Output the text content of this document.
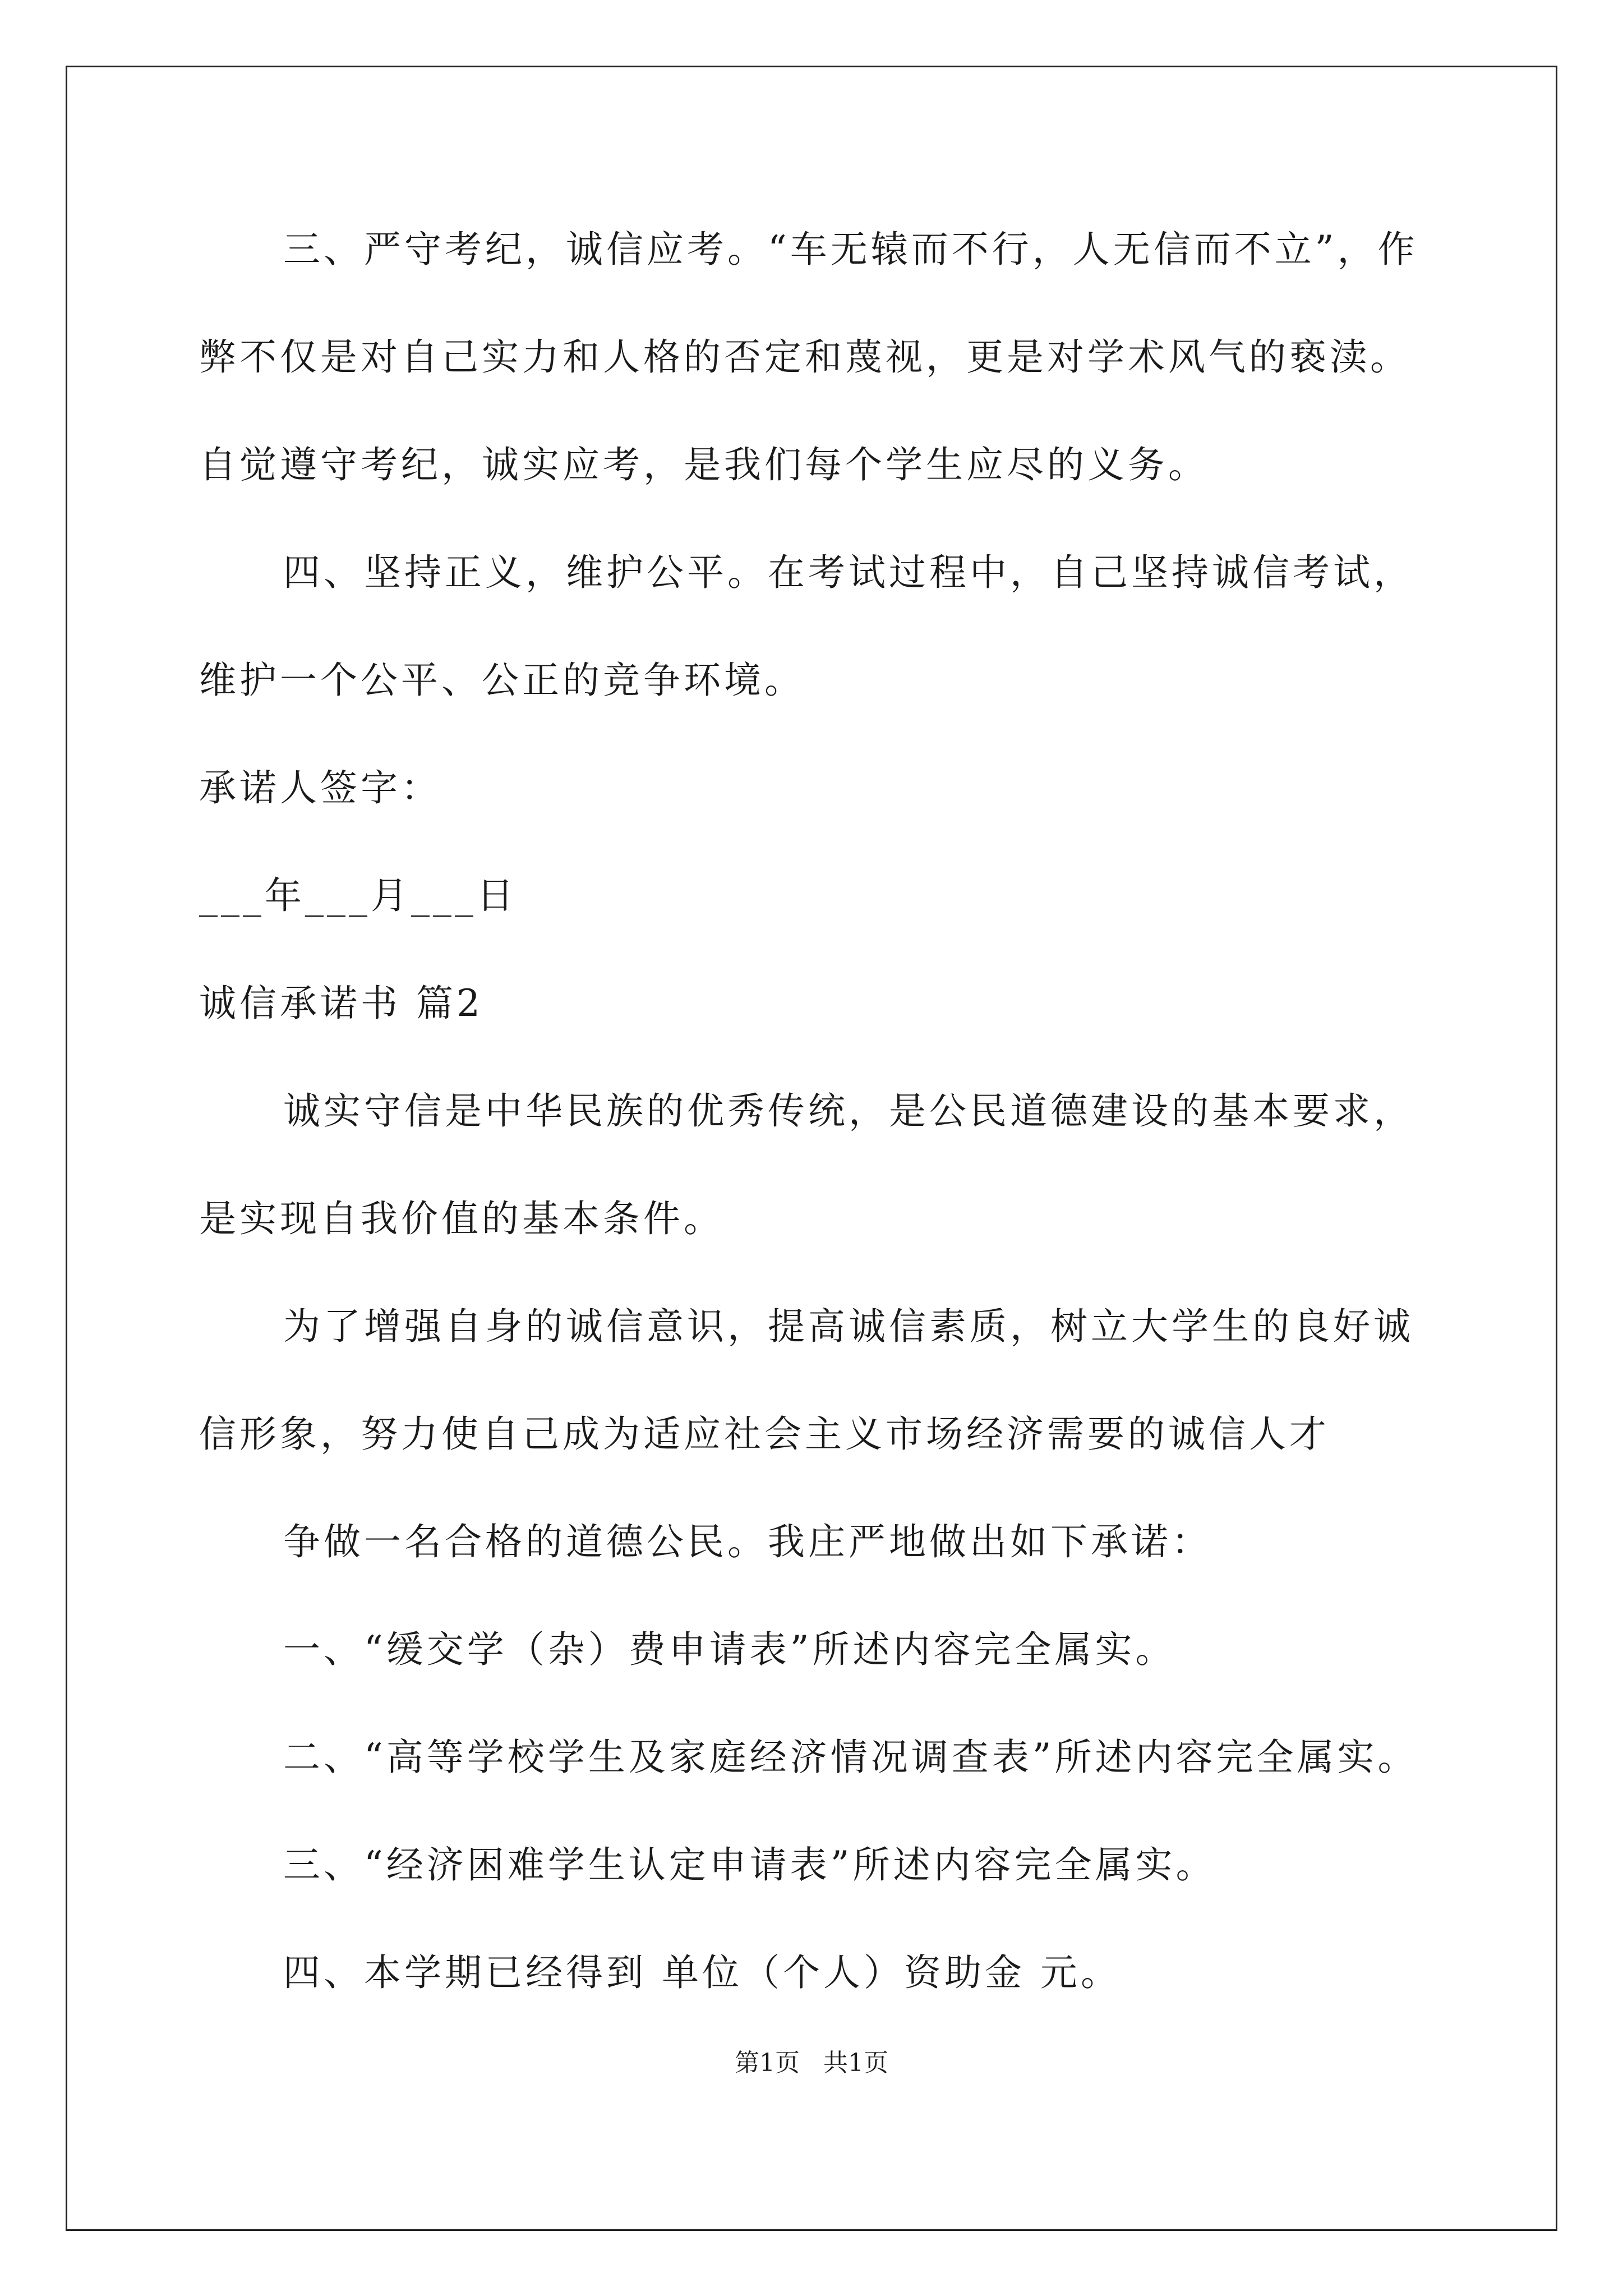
三、严守考纪，诚信应考。“车无辕而不行，人无信而不立”，作
弊不仅是对自己实力和人格的否定和蔑视，更是对学术风气的亵渎。
自觉遵守考纪，诚实应考，是我们每个学生应尽的义务。
四、坚持正义，维护公平。在考试过程中，自己坚持诚信考试，
维护一个公平、公正的竞争环境。
承诺人签字：
___年___月___日
诚信承诺书 篇2
诚实守信是中华民族的优秀传统，是公民道德建设的基本要求，
是实现自我价值的基本条件。
为了增强自身的诚信意识，提高诚信素质，树立大学生的良好诚
信形象，努力使自己成为适应社会主义市场经济需要的诚信人才
争做一名合格的道德公民。我庄严地做出如下承诺：
一、“缓交学（杂）费申请表”所述内容完全属实。
二、“高等学校学生及家庭经济情况调查表”所述内容完全属实。
三、“经济困难学生认定申请表”所述内容完全属实。
四、本学期已经得到 单位（个人）资助金 元。
第1页   共1页
